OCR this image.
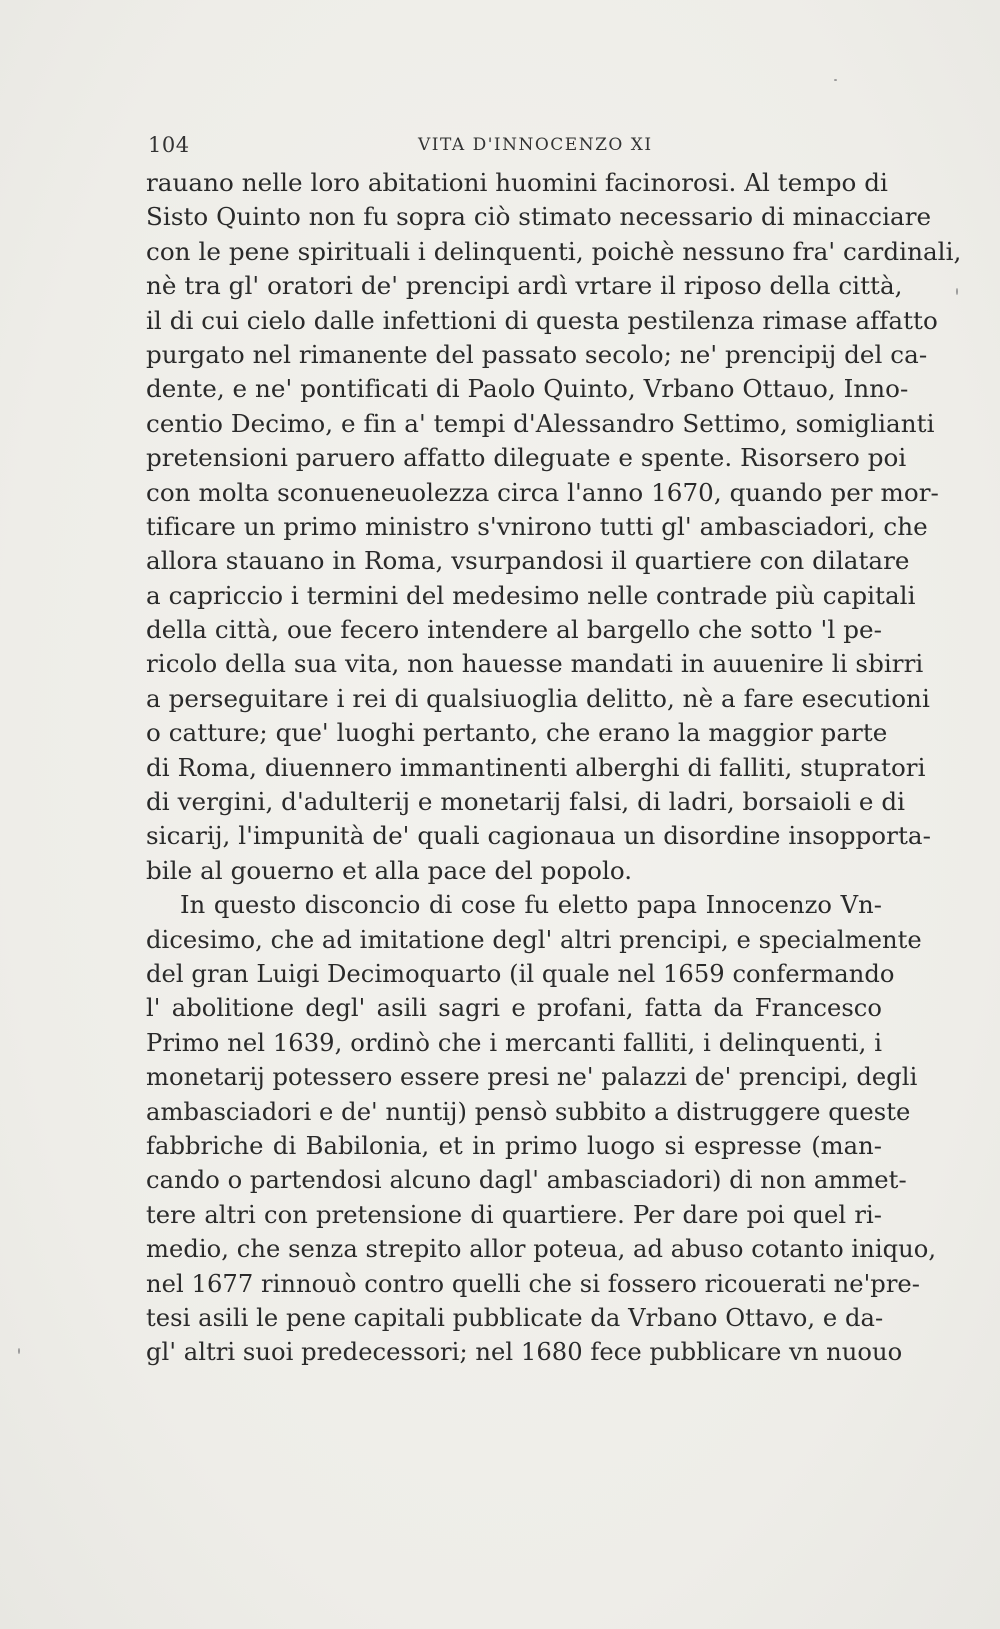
104	VITA D'INNOCENZO XI
rauano nelle loro abitationi huomini facinorosi. Al tempo di
Sisto Quinto non fu sopra ciò stimato necessario di minacciare
con le pene spirituali i delinquenti, poichè nessuno fra' cardinali,
nè tra gl' oratori de' prencipi ardì vrtare il riposo della città,
il di cui cielo dalle infettioni di questa pestilenza rimase affatto
purgato nel rimanente del passato secolo; ne' prencipij del ca-
dente, e ne' pontificati di Paolo Quinto, Vrbano Ottauo, Inno-
centio Decimo, e fin a' tempi d'Alessandro Settimo, somiglianti
pretensioni paruero affatto dileguate e spente. Risorsero poi
con molta sconueneuolezza circa l'anno 1670, quando per mor-
tificare un primo ministro s'vnirono tutti gl' ambasciadori, che
allora stauano in Roma, vsurpandosi il quartiere con dilatare
a capriccio i termini del medesimo nelle contrade più capitali
della città, oue fecero intendere al bargello che sotto 'l pe-
ricolo della sua vita, non hauesse mandati in auuenire li sbirri
a perseguitare i rei di qualsiuoglia delitto, nè a fare esecutioni
o catture; que' luoghi pertanto, che erano la maggior parte
di Roma, diuennero immantinenti alberghi di falliti, stupratori
di vergini, d'adulterij e monetarij falsi, di ladri, borsaioli e di
sicarij, l'impunità de' quali cagionaua un disordine insopporta-
bile al gouerno et alla pace del popolo.
In questo disconcio di cose fu eletto papa Innocenzo Vn-
dicesimo, che ad imitatione degl' altri prencipi, e specialmente
del gran Luigi Decimoquarto (il quale nel 1659 confermando
l' abolitione degl' asili sagri e profani, fatta da Francesco
Primo nel 1639, ordinò che i mercanti falliti, i delinquenti, i
monetarij potessero essere presi ne' palazzi de' prencipi, degli
ambasciadori e de' nuntij) pensò subbito a distruggere queste
fabbriche di Babilonia, et in primo luogo si espresse (man-
cando o partendosi alcuno dagl' ambasciadori) di non ammet-
tere altri con pretensione di quartiere. Per dare poi quel ri-
medio, che senza strepito allor poteua, ad abuso cotanto iniquo,
nel 1677 rinnouò contro quelli che si fossero ricouerati ne'pre-
tesi asili le pene capitali pubblicate da Vrbano Ottavo, e da-
gl' altri suoi predecessori; nel 1680 fece pubblicare vn nuouo
